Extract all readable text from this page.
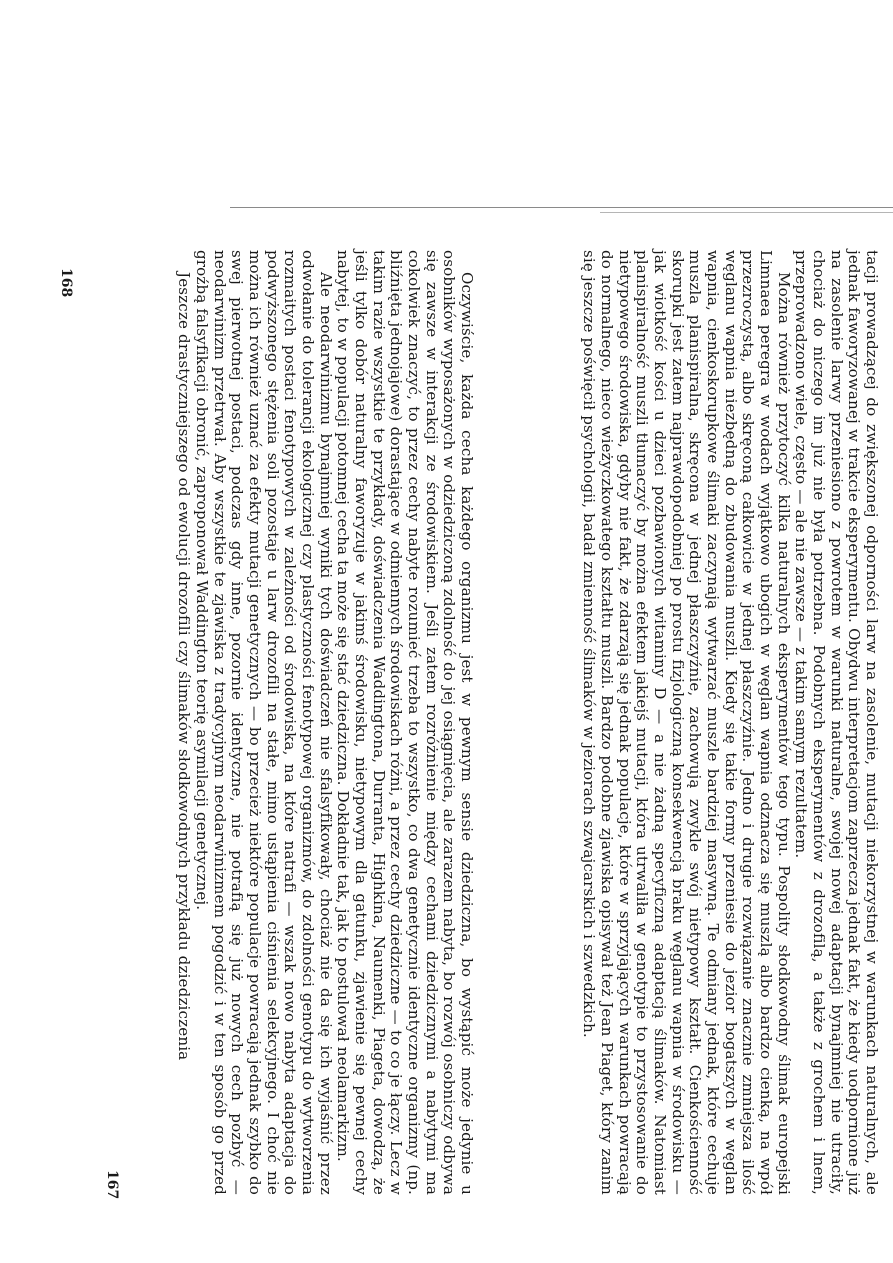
Oczywiście, każda cecha każdego organizmu jest w pewnym sensie dziedziczna, bo wystąpić może jedynie u osobników wyposażonych w odziedziczoną zdolność do jej osiągnięcia, ale zarazem nabyta, bo rozwój osobniczy odbywa się zawsze w interakcji ze środowiskiem. Jeśli zatem rozróżnienie między cechami dziedzicznymi a nabytymi ma cokolwiek znaczyć, to przez cechy nabyte rozumieć trzeba to wszystko, co dwa genetycznie identyczne organizmy (np. bliźnięta jednojajowe) dorastające w odmiennych środowiskach różni, a przez cechy dziedziczne — to co je łączy. Lecz w takim razie wszystkie te przykłady, doświadczenia Waddingtona, Durranta, Highkina, Naumenki, Piageta, dowodzą, że jeśli tylko dobór naturalny faworyzuje w jakimś środowisku, nietypowym dla gatunku, zjawienie się pewnej cechy nabytej, to w populacji potomnej cecha ta może się stać dziedziczna. Dokładnie tak, jak to postulował neolamarkizm.

Ale neodarwinizmu bynajmniej wyniki tych doświadczeń nie sfalsyfikowały, chociaż nie da się ich wyjaśnić przez odwołanie do tolerancji ekologicznej czy plastyczności fenotypowej organizmów, do zdolności genotypu do wytworzenia rozmaitych postaci fenotypowych w zależności od środowiska, na które natrafi — wszak nowo nabyta adaptacja do podwyższonego stężenia soli pozostaje u larw drozofili na stałe, mimo ustąpienia ciśnienia selekcyjnego. I choć nie można ich również uznać za efekty mutacji genetycznych — bo przecież niektóre populacje powracają jednak szybko do swej pierwotnej postaci, podczas gdy inne, pozornie identyczne, nie potrafią się już nowych cech pozbyć — neodarwinizm przetrwał. Aby wszystkie te zjawiska z tradycyjnym neodarwinizmem pogodzić i w ten sposób go przed groźbą falsyfikacji obronić, zaproponował Waddington teorię asymilacji genetycznej.

Jeszcze drastyczniejszego od ewolucji drozofili czy ślimaków słodkowodnych przykładu dziedziczenia	tacji prowadzącej do zwiększonej odporności larw na zasolenie, mutacji niekorzystnej w warunkach naturalnych, ale jednak faworyzowanej w trakcie eksperymentu. Obydwu interpretacjom zaprzecza jednak fakt, że kiedy uodpornione już na zasolenie larwy przeniesiono z powrotem w warunki naturalne, swojej nowej adaptacji bynajmniej nie utraciły, chociaż do niczego im już nie była potrzebna. Podobnych eksperymentów z drozofilą, a także z grochem i lnem, przeprowadzono wiele, często — ale nie zawsze — z takim samym rezultatem.

Można również przytoczyć kilka naturalnych eksperymentów tego typu. Pospolity słodkowodny ślimak europejski Limnaea peregra w wodach wyjątkowo ubogich w węglan wapnia odznacza się muszlą albo bardzo cienką, na wpół przezroczystą, albo skręconą całkowicie w jednej płaszczyźnie. Jedno i drugie rozwiązanie znacznie zmniejsza ilość węglanu wapnia niezbędną do zbudowania muszli. Kiedy się takie formy przeniesie do jezior bogatszych w węglan wapnia, cienkoskorupkowe ślimaki zaczynają wytwarzać muszle bardziej masywną. Te odmiany jednak, które cechuje muszla planispiralna, skręcona w jednej płaszczyźnie, zachowują zwykle swój nietypowy kształt. Cienkościenność skorupki jest zatem najprawdopodobniej po prostu fizjologiczną konsekwencją braku węglanu wapnia w środowisku — jak wiotkość kości u dzieci pozbawionych witaminy D — a nie żadną specyficzną adaptacją ślimaków. Natomiast planispiralność muszli tłumaczyć by można efektem jakiejś mutacji, która utrwaliła w genotypie to przystosowanie do nietypowego środowiska, gdyby nie fakt, że zdarzają się jednak populacje, które w sprzyjających warunkach powracają do normalnego, nieco wieżyczkowatego kształtu muszli. Bardzo podobne zjawiska opisywał też Jean Piaget, który zanim się jeszcze poświęcił psychologii, badał zmienność ślimaków w jeziorach szwajcarskich i szwedzkich.

167
168
